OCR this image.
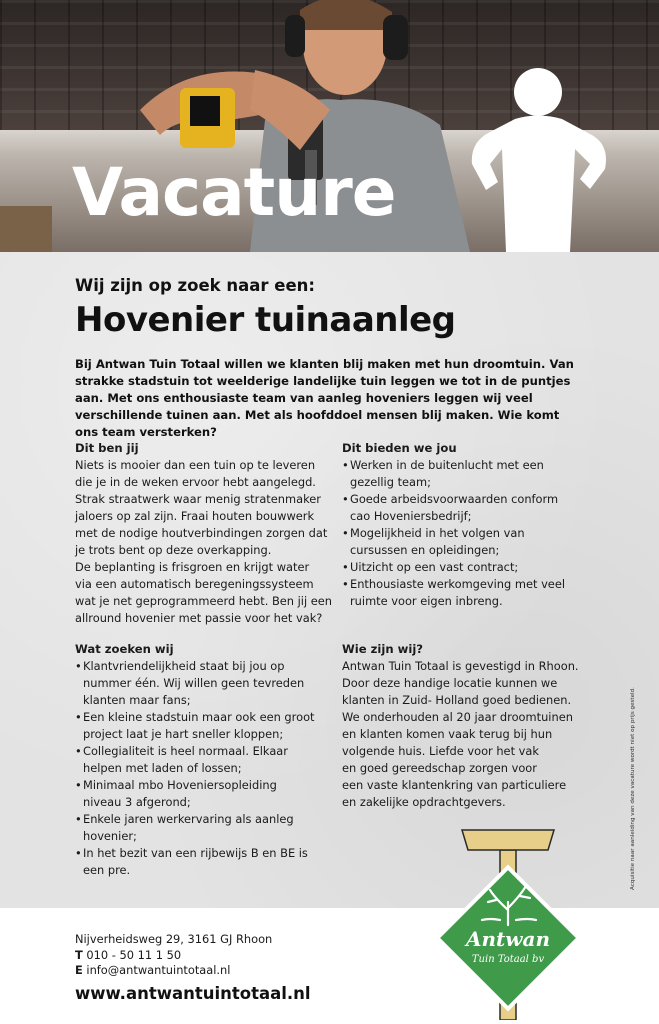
Vacature
Wij zijn op zoek naar een:
Hovenier tuinaanleg
Bij Antwan Tuin Totaal willen we klanten blij maken met hun droomtuin. Van strakke stadstuin tot weelderige landelijke tuin leggen we tot in de puntjes aan. Met ons enthousiaste team van aanleg hoveniers leggen wij veel verschillende tuinen aan. Met als hoofddoel mensen blij maken. Wie komt ons team versterken?
Dit ben jij

Niets is mooier dan een tuin op te leveren

die je in de weken ervoor hebt aangelegd.

Strak straatwerk waar menig stratenmaker

jaloers op zal zijn. Fraai houten bouwwerk

met de nodige houtverbindingen zorgen dat

je trots bent op deze overkapping.

De beplanting is frisgroen en krijgt water

via een automatisch beregeningssysteem

wat je net geprogrammeerd hebt. Ben jij een

allround hovenier met passie voor het vak?

Dit bieden we jou
• Werken in de buitenlucht met een gezellig team;
• Goede arbeidsvoorwaarden conform cao Hoveniersbedrijf;
• Mogelijkheid in het volgen van cursussen en opleidingen;
• Uitzicht op een vast contract;
• Enthousiaste werkomgeving met veel ruimte voor eigen inbreng.
Wat zoeken wij
• Klantvriendelijkheid staat bij jou op nummer één. Wij willen geen tevreden klanten maar fans;
• Een kleine stadstuin maar ook een groot project laat je hart sneller kloppen;
• Collegialiteit is heel normaal. Elkaar helpen met laden of lossen;
• Minimaal mbo Hoveniersopleiding niveau 3 afgerond;
• Enkele jaren werkervaring als aanleg hovenier;
• In het bezit van een rijbewijs B en BE is een pre.
Wie zijn wij?

Antwan Tuin Totaal is gevestigd in Rhoon.

Door deze handige locatie kunnen we

klanten in Zuid- Holland goed bedienen.

We onderhouden al 20 jaar droomtuinen

en klanten komen vaak terug bij hun

volgende huis. Liefde voor het vak

en goed gereedschap zorgen voor

een vaste klantenkring van particuliere

en zakelijke opdrachtgevers.	Acquisitie naar aanleiding van deze vacature wordt niet op prijs gesteld.
Antwan
Tuin Totaal bv
Nijverheidsweg 29, 3161 GJ Rhoon
T 010 - 50 11 1 50
E info@antwantuintotaal.nl
www.antwantuintotaal.nl
